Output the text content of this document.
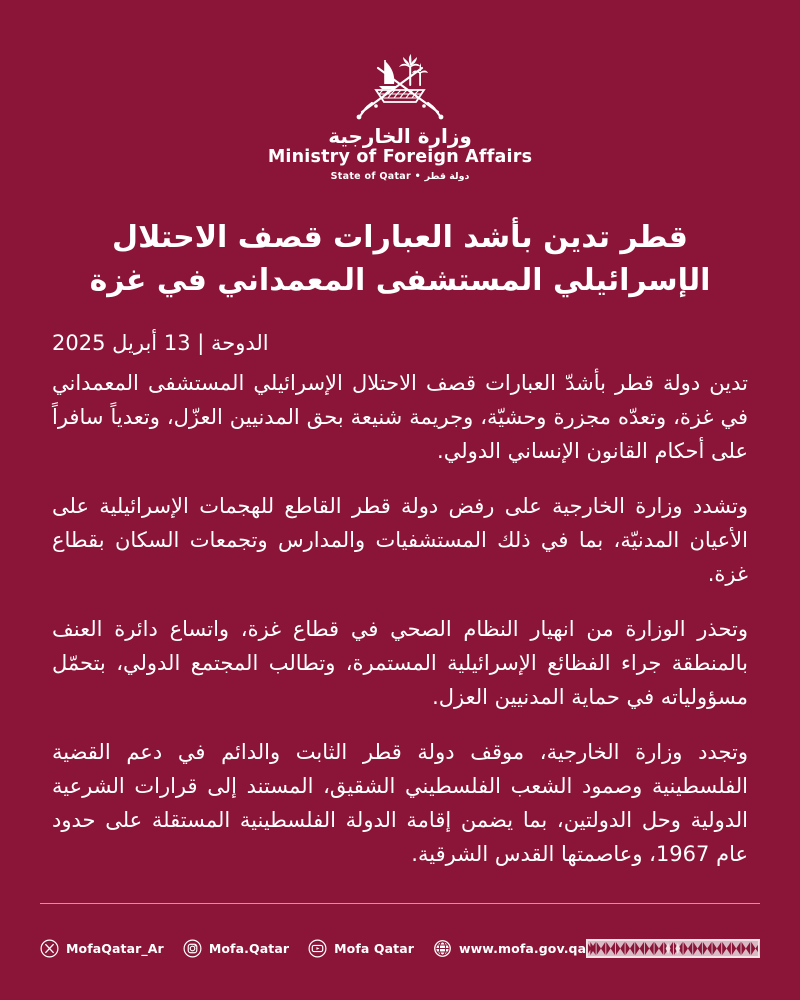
وزارة الخارجية
Ministry of Foreign Affairs
State of Qatar • دولة قطر
قطر تدين بأشد العبارات قصف الاحتلال الإسرائيلي المستشفى المعمداني في غزة
الدوحة | 13 أبريل 2025

تدين دولة قطر بأشدّ العبارات قصف الاحتلال الإسرائيلي المستشفى المعمداني في غزة، وتعدّه مجزرة وحشيّة، وجريمة شنيعة بحق المدنيين العزّل، وتعدياً سافراً على أحكام القانون الإنساني الدولي.

وتشدد وزارة الخارجية على رفض دولة قطر القاطع للهجمات الإسرائيلية على الأعيان المدنيّة، بما في ذلك المستشفيات والمدارس وتجمعات السكان بقطاع غزة.

وتحذر الوزارة من انهيار النظام الصحي في قطاع غزة، واتساع دائرة العنف بالمنطقة جراء الفظائع الإسرائيلية المستمرة، وتطالب المجتمع الدولي، بتحمّل مسؤولياته في حماية المدنيين العزل.

وتجدد وزارة الخارجية، موقف دولة قطر الثابت والدائم في دعم القضية الفلسطينية وصمود الشعب الفلسطيني الشقيق، المستند إلى قرارات الشرعية الدولية وحل الدولتين، بما يضمن إقامة الدولة الفلسطينية المستقلة على حدود عام 1967، وعاصمتها القدس الشرقية.

MofaQatar_Ar	Mofa.Qatar	Mofa Qatar	www.mofa.gov.qa
